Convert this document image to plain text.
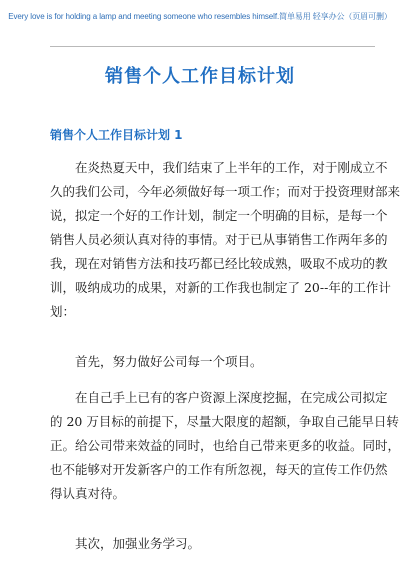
Every love is for holding a lamp and meeting someone who resembles himself.简单易用 轻享办公（页眉可删）
销售个人工作目标计划
销售个人工作目标计划 1
　　在炎热夏天中，我们结束了上半年的工作，对于刚成立不
久的我们公司，今年必须做好每一项工作；而对于投资理财部来
说，拟定一个好的工作计划，制定一个明确的目标，是每一个
销售人员必须认真对待的事情。对于已从事销售工作两年多的
我，现在对销售方法和技巧都已经比较成熟，吸取不成功的教
训，吸纳成功的成果，对新的工作我也制定了 20--年的工作计
划：
　　首先，努力做好公司每一个项目。
　　在自己手上已有的客户资源上深度挖掘，在完成公司拟定
的 20 万目标的前提下，尽量大限度的超额，争取自己能早日转
正。给公司带来效益的同时，也给自己带来更多的收益。同时，
也不能够对开发新客户的工作有所忽视，每天的宣传工作仍然
得认真对待。
　　其次，加强业务学习。
